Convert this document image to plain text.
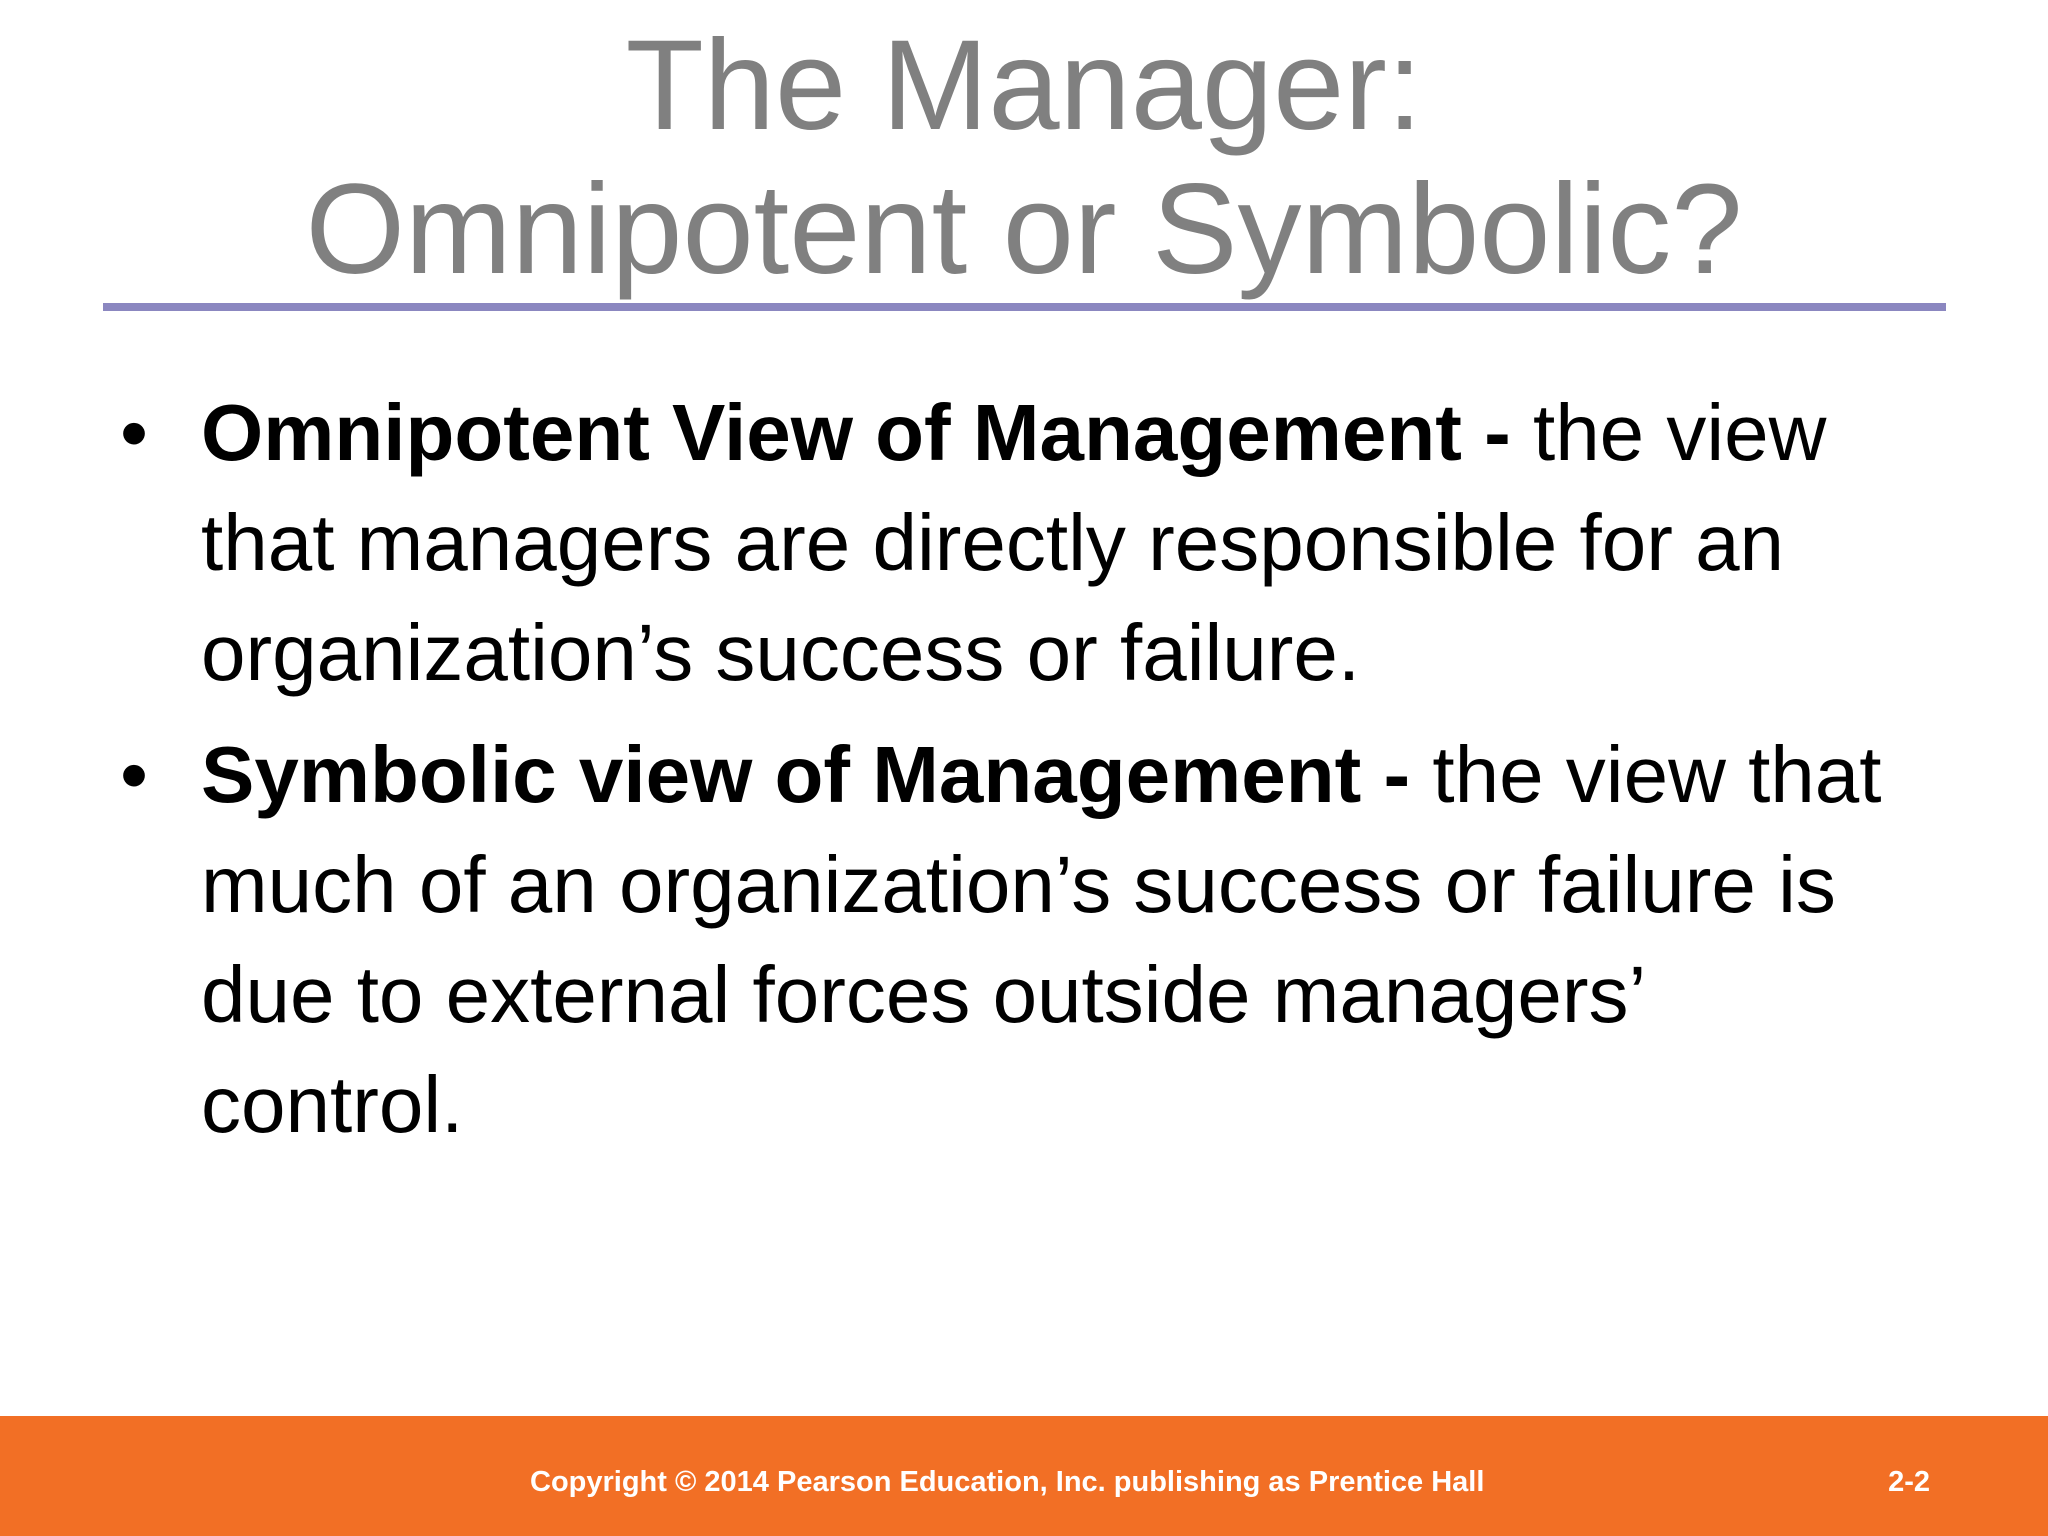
The Manager:
Omnipotent or Symbolic?
• Omnipotent View of Management - the view that managers are directly responsible for an organization’s success or failure.
• Symbolic view of Management - the view that much of an organization’s success or failure is due to external forces outside managers’ control.
Copyright © 2014 Pearson Education, Inc. publishing as Prentice Hall	2-2
